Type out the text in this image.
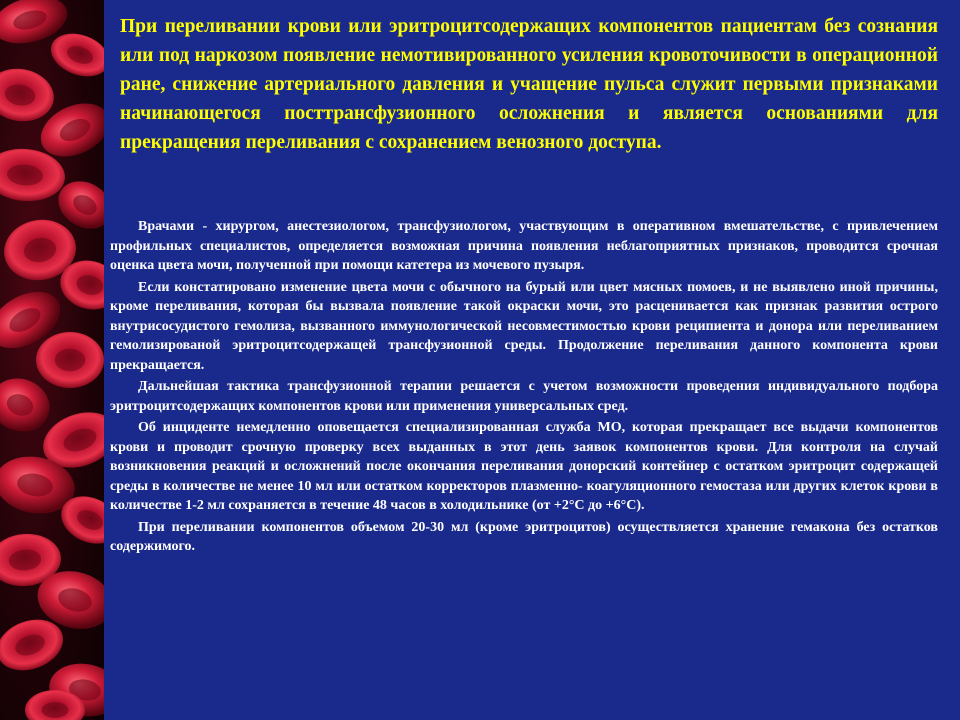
При переливании крови или эритроцитсодержащих компонентов пациентам без сознания или под наркозом появление немотивированного усиления кровоточивости в операционной ране, снижение артериального давления и учащение пульса служит первыми признаками начинающегося посттрансфузионного осложнения и является основаниями для прекращения переливания с сохранением венозного доступа.

Врачами - хирургом, анестезиологом, трансфузиологом, участвующим в оперативном вмешательстве, с привлечением профильных специалистов, определяется возможная причина появления неблагоприятных признаков, проводится срочная оценка цвета мочи, полученной при помощи катетера из мочевого пузыря.

Если констатировано изменение цвета мочи с обычного на бурый или цвет мясных помоев, и не выявлено иной причины, кроме переливания, которая бы вызвала появление такой окраски мочи, это расценивается как признак развития острого внутрисосудистого гемолиза, вызванного иммунологической несовместимостью крови реципиента и донора или переливанием гемолизированой эритроцитсодержащей трансфузионной среды. Продолжение переливания данного компонента крови прекращается.

Дальнейшая тактика трансфузионной терапии решается с учетом возможности проведения индивидуального подбора эритроцитсодержащих компонентов крови или применения универсальных сред.

Об инциденте немедленно оповещается специализированная служба МО, которая прекращает все выдачи компонентов крови и проводит срочную проверку всех выданных в этот день заявок компонентов крови. Для контроля на случай возникновения реакций и осложнений после окончания переливания донорский контейнер с остатком эритроцит содержащей среды в количестве не менее 10 мл или остатком корректоров плазменно- коагуляционного гемостаза или других клеток крови в количестве 1-2 мл сохраняется в течение 48 часов в холодильнике (от +2°C до +6°C).

При переливании компонентов объемом 20-30 мл (кроме эритроцитов) осуществляется хранение гемакона без остатков содержимого.
